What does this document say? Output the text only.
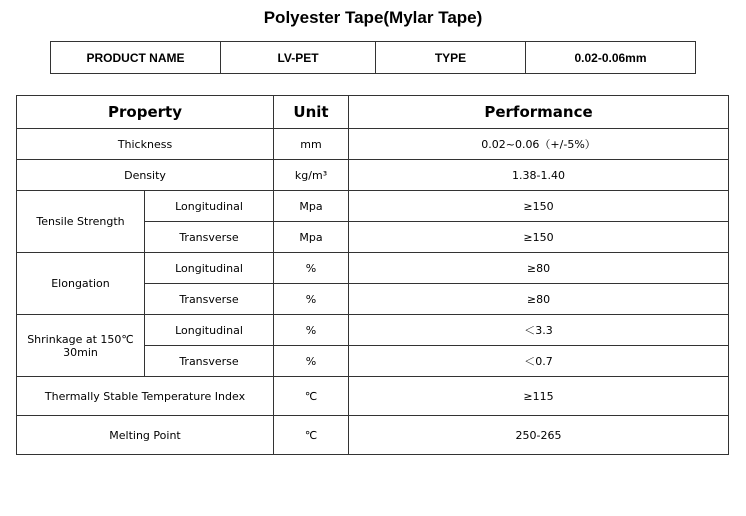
Polyester Tape(Mylar Tape)
PRODUCT NAME	LV-PET	TYPE	0.02-0.06mm
Property		Unit	Performance
Thickness		mm	0.02~0.06（+/-5%）
Density		kg/m³	1.38-1.40
Tensile Strength	Longitudinal	Mpa	≥150
	Transverse	Mpa	≥150
Elongation	Longitudinal	%	≥80
	Transverse	%	≥80
Shrinkage at 150℃
30min	Longitudinal	%	＜3.3
	Transverse	%	＜0.7
Thermally Stable Temperature Index		℃	≥115
Melting Point		℃	250-265
